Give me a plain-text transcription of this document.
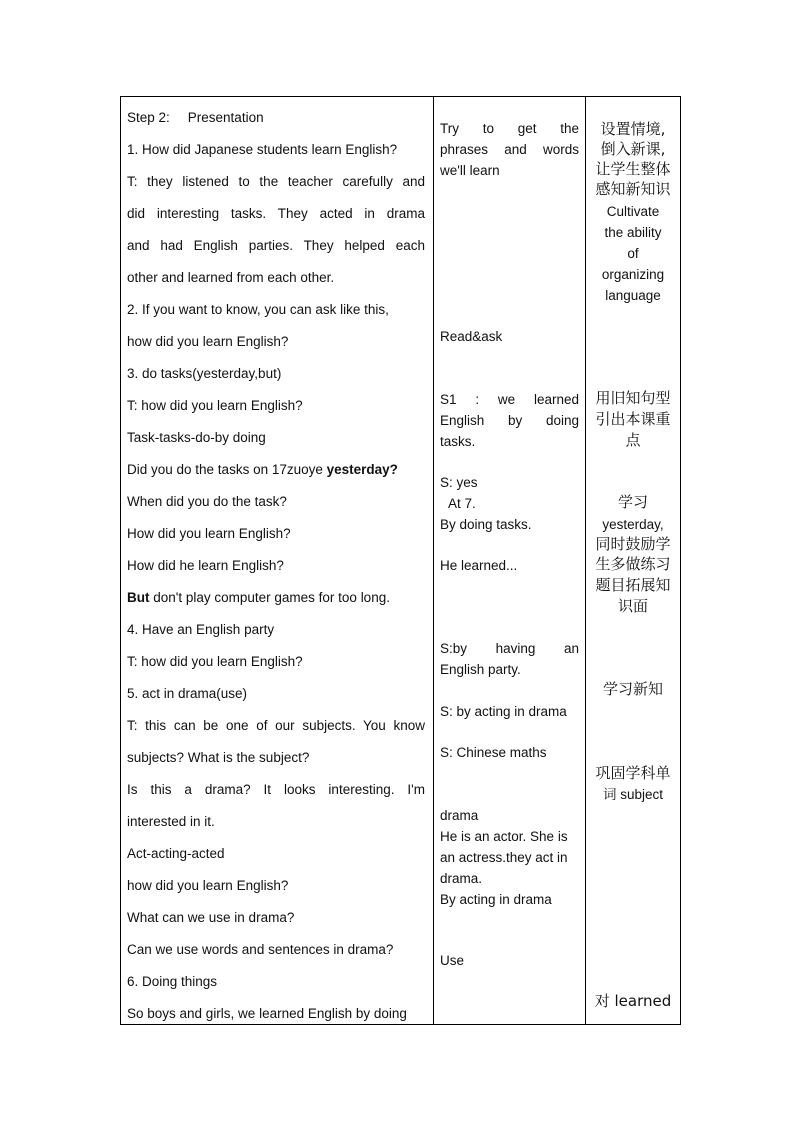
Step 2: Presentation
1. How did Japanese students learn English?
T: they listened to the teacher carefully and
did interesting tasks. They acted in drama
and had English parties. They helped each
other and learned from each other.
2. If you want to know, you can ask like this,
how did you learn English?
3. do tasks(yesterday,but)
T: how did you learn English?
Task-tasks-do-by doing
Did you do the tasks on 17zuoye yesterday?
When did you do the task?
How did you learn English?
How did he learn English?
But don't play computer games for too long.
4. Have an English party
T: how did you learn English?
5. act in drama(use)
T: this can be one of our subjects. You know
subjects? What is the subject?
Is this a drama? It looks interesting. I'm
interested in it.
Act-acting-acted
how did you learn English?
What can we use in drama?
Can we use words and sentences in drama?
6. Doing things
So boys and girls, we learned English by doing
Try to get the
phrases and words
we'll learn
Read&ask
S1 : we learned
English by doing
tasks.
S: yes
At 7.
By doing tasks.
He learned...
S:by having an
English party.
S: by acting in drama
S: Chinese maths
drama
He is an actor. She is
an actress.they act in
drama.
By acting in drama
Use
设置情境,
倒入新课,
让学生整体
感知新知识
Cultivate
the ability
of
organizing
language
用旧知句型
引出本课重
点
学习
yesterday,
同时鼓励学
生多做练习
题目拓展知
识面
学习新知
巩固学科单
词 subject
对 learned
